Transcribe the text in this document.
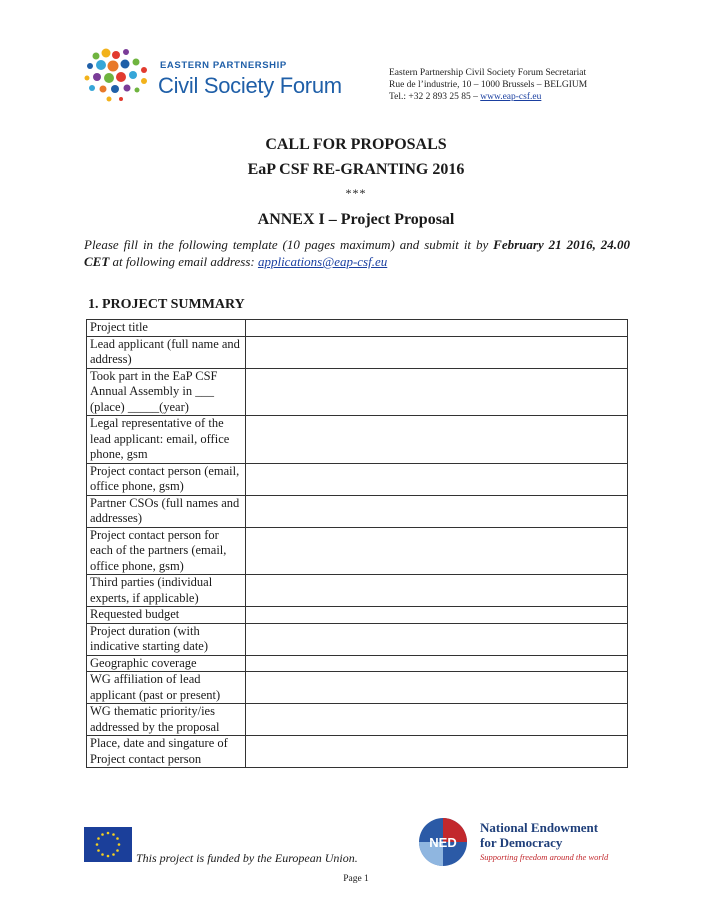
EASTERN PARTNERSHIP
Civil Society Forum	Eastern Partnership Civil Society Forum Secretariat
Rue de l’industrie, 10 – 1000 Brussels – BELGIUM
Tel.: +32 2 893 25 85 – www.eap-csf.eu
CALL FOR PROPOSALS
EaP CSF RE-GRANTING 2016
***
ANNEX I – Project Proposal
Please fill in the following template (10 pages maximum) and submit it by February 21 2016, 24.00 CET at following email address: applications@eap-csf.eu
1. PROJECT SUMMARY
Project title	
Lead applicant (full name and address)	
Took part in the EaP CSF Annual Assembly in ___ (place) _____(year)	
Legal representative of the lead applicant: email, office phone, gsm	
Project contact person (email, office phone, gsm)	
Partner CSOs (full names and addresses)	
Project contact person for each of the partners (email, office phone, gsm)	
Third parties (individual experts, if applicable)	
Requested budget	
Project duration (with indicative starting date)	
Geographic coverage	
WG affiliation of lead applicant (past or present)	
WG thematic priority/ies addressed by the proposal	
Place, date and singature of Project contact person	
This project is funded by the European Union.
NED
National Endowment
for Democracy
Supporting freedom around the world
Page 1
